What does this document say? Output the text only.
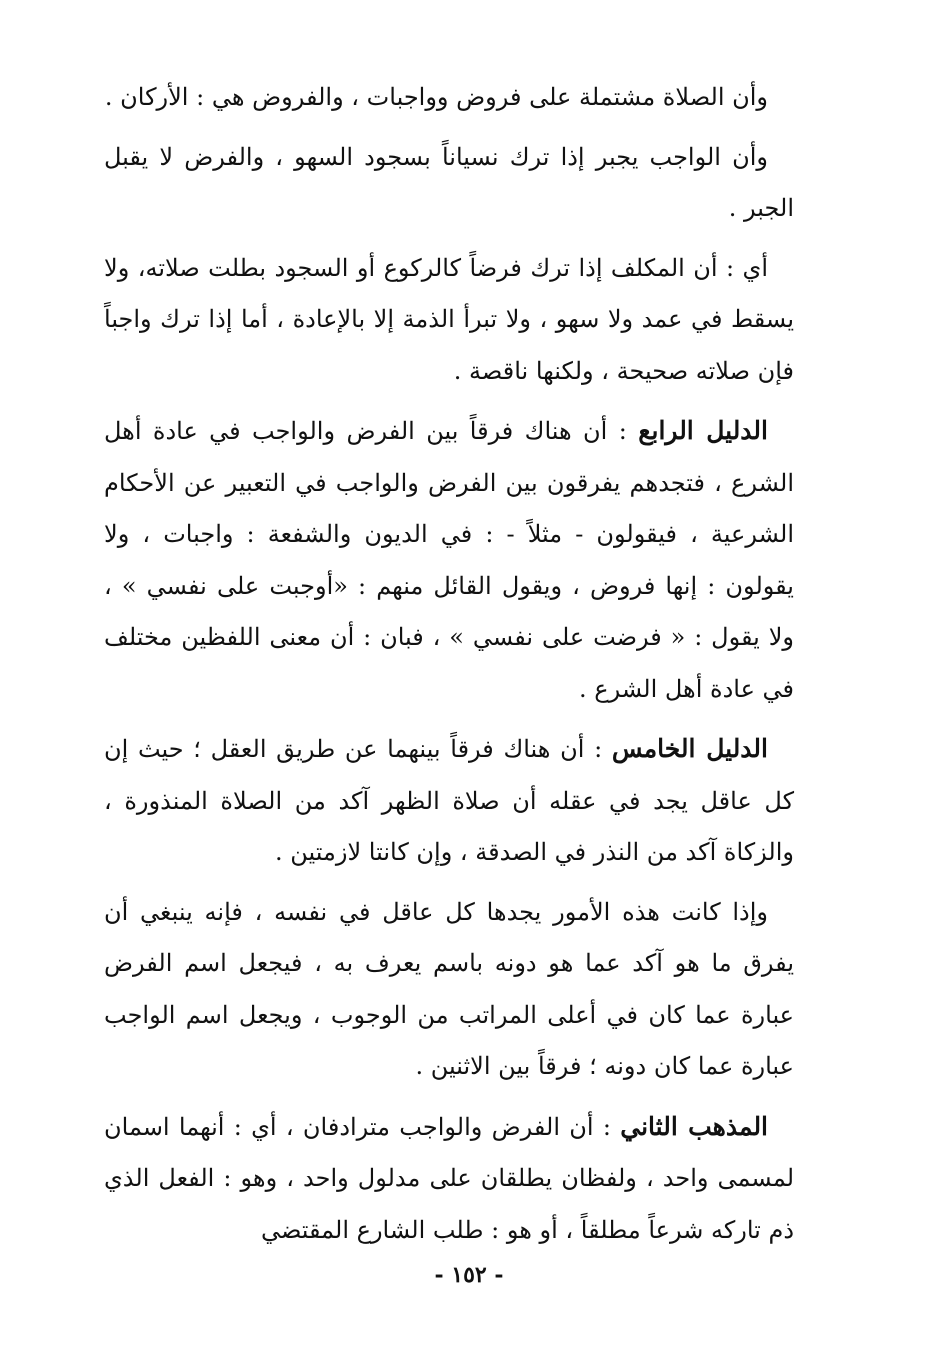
وأن الصلاة مشتملة على فروض وواجبات ، والفروض هي : الأركان .

وأن الواجب يجبر إذا ترك نسياناً بسجود السهو ، والفرض لا يقبل الجبر .

أي : أن المكلف إذا ترك فرضاً كالركوع أو السجود بطلت صلاته، ولا يسقط في عمد ولا سهو ، ولا تبرأ الذمة إلا بالإعادة ، أما إذا ترك واجباً فإن صلاته صحيحة ، ولكنها ناقصة .

الدليل الرابع : أن هناك فرقاً بين الفرض والواجب في عادة أهل الشرع ، فتجدهم يفرقون بين الفرض والواجب في التعبير عن الأحكام الشرعية ، فيقولون - مثلاً - : في الديون والشفعة : واجبات ، ولا يقولون : إنها فروض ، ويقول القائل منهم : «أوجبت على نفسي » ، ولا يقول : « فرضت على نفسي » ، فبان : أن معنى اللفظين مختلف في عادة أهل الشرع .

الدليل الخامس : أن هناك فرقاً بينهما عن طريق العقل ؛ حيث إن كل عاقل يجد في عقله أن صلاة الظهر آكد من الصلاة المنذورة ، والزكاة آكد من النذر في الصدقة ، وإن كانتا لازمتين .

وإذا كانت هذه الأمور يجدها كل عاقل في نفسه ، فإنه ينبغي أن يفرق ما هو آكد عما هو دونه باسم يعرف به ، فيجعل اسم الفرض عبارة عما كان في أعلى المراتب من الوجوب ، ويجعل اسم الواجب عبارة عما كان دونه ؛ فرقاً بين الاثنين .

المذهب الثاني : أن الفرض والواجب مترادفان ، أي : أنهما اسمان لمسمى واحد ، ولفظان يطلقان على مدلول واحد ، وهو : الفعل الذي ذم تاركه شرعاً مطلقاً ، أو هو : طلب الشارع المقتضي

- ١٥٢ -
